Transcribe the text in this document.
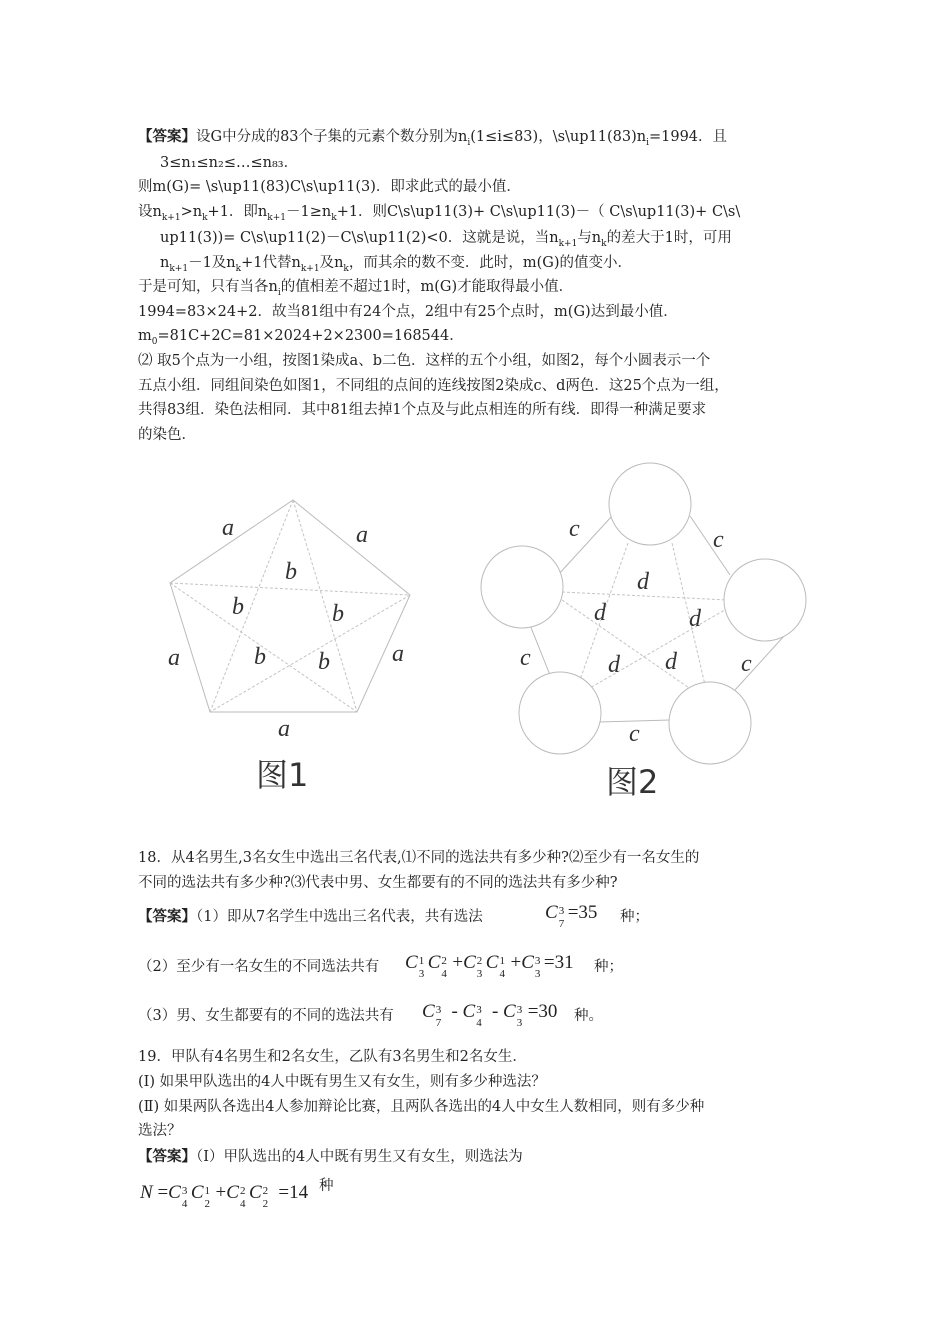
【答案】设G中分成的83个子集的元素个数分别为$n_i(1\le i\le 83)$，$\backslash s\backslash up11(83)n_i=1994$．且
3≤n₁≤n₂≤…≤n₈₃．
则m(G)= \s\up11(83)C\s\up11(3)．即求此式的最小值．
设$n_{k+1}>n_k+1$．即$n_{k+1}-1\ge n_k+1$．则C\s\up11(3)+ C\s\up11(3)－（ C\s\up11(3)+ C\s\
up11(3))= C\s\up11(2)－C\s\up11(2)<0．这就是说，当$n_{k+1}$与$n_k$的差大于1时，可用
$n_{k+1}-1$及$n_k+1$代替$n_{k+1}$及$n_k$，而其余的数不变．此时，m(G)的值变小．
于是可知，只有当各$n_i$的值相差不超过1时，m(G)才能取得最小值．
1994=83×24+2．故当81组中有24个点，2组中有25个点时，m(G)达到最小值．
$m_0=81C+2C=81\times 2024+2\times 2300=168544$．
⑵ 取5个点为一小组，按图1染成a、b二色．这样的五个小组，如图2，每个小圆表示一个
五点小组．同组间染色如图1，不同组的点间的连线按图2染成c、d两色．这25个点为一组，
共得83组．染色法相同．其中81组去掉1个点及与此点相连的所有线．即得一种满足要求
的染色．
a	a
a	a
a
b
b	b
b b
图1
c	c
c	c
c
d
d	d
d d
图2
18．从4名男生,3名女生中选出三名代表,⑴不同的选法共有多少种?⑵至少有一名女生的
不同的选法共有多少种?⑶代表中男、女生都要有的不同的选法共有多少种?
【答案】（1）即从7名学生中选出三名代表，共有选法	C 3
7
=35 种；
（2）至少有一名女生的不同选法共有 C 1
3
C 2
4
+C 2
3
C 1
4
+C 3
3
=31 种；
（3）男、女生都要有的不同的选法共有 C 3
7
- C 3
4
- C 3
3
=30 种。
19．甲队有4名男生和2名女生，乙队有3名男生和2名女生．
(I) 如果甲队选出的4人中既有男生又有女生，则有多少种选法？
(Ⅱ) 如果两队各选出4人参加辩论比赛，且两队各选出的4人中女生人数相同，则有多少种
选法？
【答案】（Ⅰ）甲队选出的4人中既有男生又有女生，则选法为
N =C 3
4
C 1
2
+C 2
4
C 2
2
=14 种
